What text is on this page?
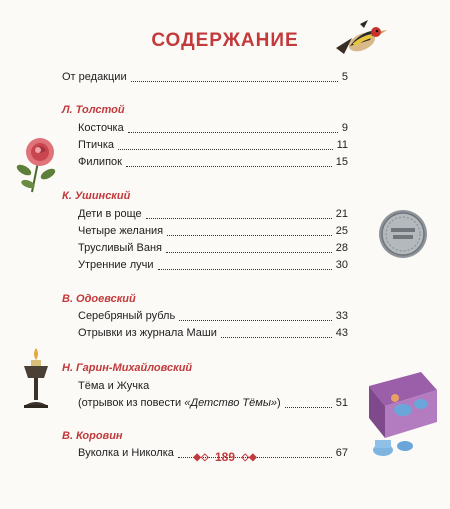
СОДЕРЖАНИЕ
От редакции	5
Л. Толстой
Косточка	9
Птичка	11
Филипок	15
К. Ушинский
Дети в роще	21
Четыре желания	25
Трусливый Ваня	28
Утренние лучи	30
В. Одоевский
Серебряный рубль	33
Отрывки из журнала Маши	43
Н. Гарин-Михайловский
Тёма и Жучка
(отрывок из повести «Детство Тёмы»)	51
В. Коровин
Вуколка и Николка	67
◆◇ 189 ◇◆
